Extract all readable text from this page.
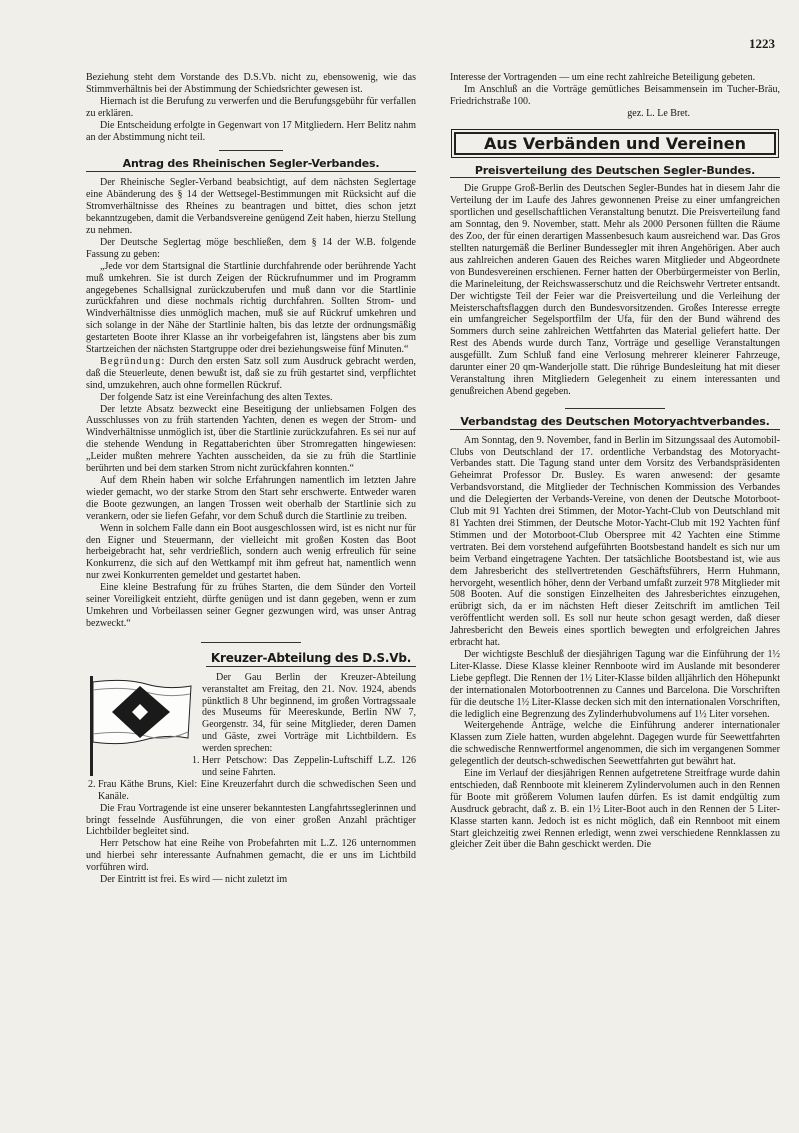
1223

Beziehung steht dem Vorstande des D.S.Vb. nicht zu, ebensowenig, wie das Stimmverhältnis bei der Abstimmung der Schiedsrichter gewesen ist.

Hiernach ist die Berufung zu verwerfen und die Berufungsgebühr für verfallen zu erklären.

Die Entscheidung erfolgte in Gegenwart von 17 Mitgliedern. Herr Belitz nahm an der Abstimmung nicht teil.

Antrag des Rheinischen Segler-Verbandes.

Der Rheinische Segler-Verband beabsichtigt, auf dem nächsten Seglertage eine Abänderung des § 14 der Wettsegel-Bestimmungen mit Rücksicht auf die Stromverhältnisse des Rheines zu beantragen und bittet, dies schon jetzt bekanntzugeben, damit die Verbandsvereine genügend Zeit haben, hierzu Stellung zu nehmen.

Der Deutsche Seglertag möge beschließen, dem § 14 der W.B. folgende Fassung zu geben:

„Jede vor dem Startsignal die Startlinie durchfahrende oder berührende Yacht muß umkehren. Sie ist durch Zeigen der Rückrufnummer und im Programm angegebenes Schallsignal zurückzuberufen und muß dann vor die Startlinie zurückfahren und diese nochmals richtig durchfahren. Sollten Strom- und Windverhältnisse dies unmöglich machen, muß sie auf Rückruf umkehren und sich solange in der Nähe der Startlinie halten, bis das letzte der ordnungsmäßig gestarteten Boote ihrer Klasse an ihr vorbeigefahren ist, längstens aber bis zum Startzeichen der nächsten Startgruppe oder drei beziehungsweise fünf Minuten.“

Begründung: Durch den ersten Satz soll zum Ausdruck gebracht werden, daß die Steuerleute, denen bewußt ist, daß sie zu früh gestartet sind, verpflichtet sind, umzukehren, auch ohne formellen Rückruf.

Der folgende Satz ist eine Vereinfachung des alten Textes.

Der letzte Absatz bezweckt eine Beseitigung der unliebsamen Folgen des Ausschlusses von zu früh startenden Yachten, denen es wegen der Strom- und Windverhältnisse unmöglich ist, über die Startlinie zurückzufahren. Es sei nur auf die stehende Wendung in Regattaberichten über Stromregatten hingewiesen: „Leider mußten mehrere Yachten ausscheiden, da sie zu früh die Startlinie berührten und bei dem starken Strom nicht zurückfahren konnten.“

Auf dem Rhein haben wir solche Erfahrungen namentlich im letzten Jahre wieder gemacht, wo der starke Strom den Start sehr erschwerte. Entweder waren die Boote gezwungen, an langen Trossen weit oberhalb der Startlinie sich zu verankern, oder sie liefen Gefahr, vor dem Schuß durch die Startlinie zu treiben.

Wenn in solchem Falle dann ein Boot ausgeschlossen wird, ist es nicht nur für den Eigner und Steuermann, der vielleicht mit großen Kosten das Boot herbeigebracht hat, sehr verdrießlich, sondern auch wenig erfreulich für seine Konkurrenz, die sich auf den Wettkampf mit ihm gefreut hat, namentlich wenn nur zwei Konkurrenten gemeldet und gestartet haben.

Eine kleine Bestrafung für zu frühes Starten, die dem Sünder den Vorteil seiner Voreiligkeit entzieht, dürfte genügen und ist dann gegeben, wenn er zum Umkehren und Vorbeilassen seiner Gegner gezwungen wird, was unser Antrag bezweckt.“

Kreuzer-Abteilung des D.S.Vb.

Der Gau Berlin der Kreuzer-Abteilung veranstaltet am Freitag, den 21. Nov. 1924, abends pünktlich 8 Uhr beginnend, im großen Vortragssaale des Museums für Meereskunde, Berlin NW 7, Georgenstr. 34, für seine Mitglieder, deren Damen und Gäste, zwei Vorträge mit Lichtbildern. Es werden sprechen:

1. Herr Petschow: Das Zeppelin-Luftschiff L.Z. 126 und seine Fahrten.
2. Frau Käthe Bruns, Kiel: Eine Kreuzerfahrt durch die schwedischen Seen und Kanäle.

Die Frau Vortragende ist eine unserer bekanntesten Langfahrtsseglerinnen und bringt fesselnde Ausführungen, die von einer großen Anzahl prächtiger Lichtbilder begleitet sind.

Herr Petschow hat eine Reihe von Probefahrten mit L.Z. 126 unternommen und hierbei sehr interessante Aufnahmen gemacht, die er uns im Lichtbild vorführen wird.

Der Eintritt ist frei. Es wird — nicht zuletzt im

Interesse der Vortragenden — um eine recht zahlreiche Beteiligung gebeten.

Im Anschluß an die Vorträge gemütliches Beisammensein im Tucher-Bräu, Friedrichstraße 100.

gez. L. Le Bret.

Aus Verbänden und Vereinen
Preisverteilung des Deutschen Segler-Bundes.

Die Gruppe Groß-Berlin des Deutschen Segler-Bundes hat in diesem Jahr die Verteilung der im Laufe des Jahres gewonnenen Preise zu einer umfangreichen sportlichen und gesellschaftlichen Veranstaltung benutzt. Die Preisverteilung fand am Sonntag, den 9. November, statt. Mehr als 2000 Personen füllten die Räume des Zoo, der für einen derartigen Massenbesuch kaum ausreichend war. Das Gros stellten naturgemäß die Berliner Bundessegler mit ihren Angehörigen. Aber auch aus zahlreichen anderen Gauen des Reiches waren Mitglieder und Abgeordnete von Bundesvereinen erschienen. Ferner hatten der Oberbürgermeister von Berlin, die Marineleitung, der Reichswasserschutz und die Reichswehr Vertreter entsandt. Der wichtigste Teil der Feier war die Preisverteilung und die Verleihung der Meisterschaftsflaggen durch den Bundesvorsitzenden. Großes Interesse erregte ein umfangreicher Segelsportfilm der Ufa, für den der Bund während des Sommers durch seine zahlreichen Wettfahrten das Material geliefert hatte. Der Rest des Abends wurde durch Tanz, Vorträge und gesellige Veranstaltungen ausgefüllt. Zum Schluß fand eine Verlosung mehrerer kleinerer Fahrzeuge, darunter einer 20 qm-Wanderjolle statt. Die rührige Bundesleitung hat mit dieser Veranstaltung ihren Mitgliedern Gelegenheit zu einem interessanten und genußreichen Abend gegeben.

Verbandstag des Deutschen Motoryachtverbandes.

Am Sonntag, den 9. November, fand in Berlin im Sitzungssaal des Automobil-Clubs von Deutschland der 17. ordentliche Verbandstag des Motoryacht-Verbandes statt. Die Tagung stand unter dem Vorsitz des Verbandspräsidenten Geheimrat Professor Dr. Busley. Es waren anwesend: der gesamte Verbandsvorstand, die Mitglieder der Technischen Kommission des Verbandes und die Delegierten der Verbands-Vereine, von denen der Deutsche Motorboot-Club mit 91 Yachten drei Stimmen, der Motor-Yacht-Club von Deutschland mit 81 Yachten drei Stimmen, der Deutsche Motor-Yacht-Club mit 192 Yachten fünf Stimmen und der Motorboot-Club Oberspree mit 42 Yachten eine Stimme vertraten. Bei dem vorstehend aufgeführten Bootsbestand handelt es sich nur um beim Verband eingetragene Yachten. Der tatsächliche Bootsbestand ist, wie aus dem Jahresbericht des stellvertretenden Geschäftsführers, Herrn Huhmann, hervorgeht, wesentlich höher, denn der Verband umfaßt zurzeit 978 Mitglieder mit 508 Booten. Auf die sonstigen Einzelheiten des Jahresberichtes einzugehen, erübrigt sich, da er im nächsten Heft dieser Zeitschrift im amtlichen Teil veröffentlicht werden soll. Es soll nur heute schon gesagt werden, daß dieser Jahresbericht den Beweis eines sportlich bewegten und erfolgreichen Jahres erbracht hat.

Der wichtigste Beschluß der diesjährigen Tagung war die Einführung der 1½ Liter-Klasse. Diese Klasse kleiner Rennboote wird im Auslande mit besonderer Liebe gepflegt. Die Rennen der 1½ Liter-Klasse bilden alljährlich den Höhepunkt der internationalen Motorbootrennen zu Cannes und Barcelona. Die Vorschriften für die deutsche 1½ Liter-Klasse decken sich mit den internationalen Vorschriften, die lediglich eine Begrenzung des Zylinderhubvolumens auf 1½ Liter vorsehen.

Weitergehende Anträge, welche die Einführung anderer internationaler Klassen zum Ziele hatten, wurden abgelehnt. Dagegen wurde für Seewettfahrten die schwedische Rennwertformel angenommen, die sich im vergangenen Sommer gelegentlich der deutsch-schwedischen Seewettfahrten gut bewährt hat.

Eine im Verlauf der diesjährigen Rennen aufgetretene Streitfrage wurde dahin entschieden, daß Rennboote mit kleinerem Zylindervolumen auch in den Rennen für Boote mit größerem Volumen laufen dürfen. Es ist damit endgültig zum Ausdruck gebracht, daß z. B. ein 1½ Liter-Boot auch in den Rennen der 5 Liter-Klasse starten kann. Jedoch ist es nicht möglich, daß ein Rennboot mit einem Start gleichzeitig zwei Rennen erledigt, wenn zwei verschiedene Rennklassen zu gleicher Zeit über die Bahn geschickt werden. Die
